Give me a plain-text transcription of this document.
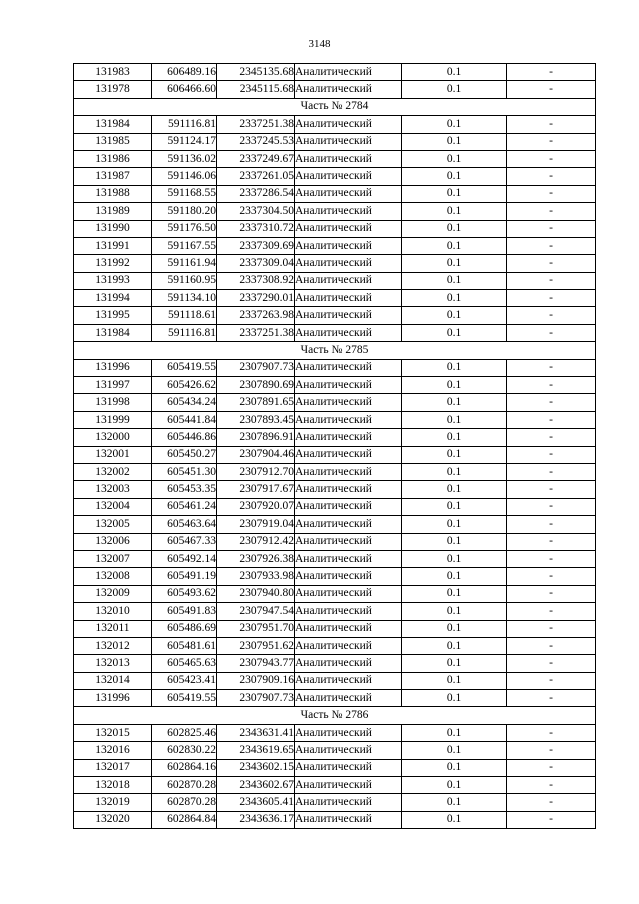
3148
131983	606489.16	2345135.68	Аналитический	0.1	-
131978	606466.60	2345115.68	Аналитический	0.1	-
Часть № 2784					
131984	591116.81	2337251.38	Аналитический	0.1	-
131985	591124.17	2337245.53	Аналитический	0.1	-
131986	591136.02	2337249.67	Аналитический	0.1	-
131987	591146.06	2337261.05	Аналитический	0.1	-
131988	591168.55	2337286.54	Аналитический	0.1	-
131989	591180.20	2337304.50	Аналитический	0.1	-
131990	591176.50	2337310.72	Аналитический	0.1	-
131991	591167.55	2337309.69	Аналитический	0.1	-
131992	591161.94	2337309.04	Аналитический	0.1	-
131993	591160.95	2337308.92	Аналитический	0.1	-
131994	591134.10	2337290.01	Аналитический	0.1	-
131995	591118.61	2337263.98	Аналитический	0.1	-
131984	591116.81	2337251.38	Аналитический	0.1	-
Часть № 2785					
131996	605419.55	2307907.73	Аналитический	0.1	-
131997	605426.62	2307890.69	Аналитический	0.1	-
131998	605434.24	2307891.65	Аналитический	0.1	-
131999	605441.84	2307893.45	Аналитический	0.1	-
132000	605446.86	2307896.91	Аналитический	0.1	-
132001	605450.27	2307904.46	Аналитический	0.1	-
132002	605451.30	2307912.70	Аналитический	0.1	-
132003	605453.35	2307917.67	Аналитический	0.1	-
132004	605461.24	2307920.07	Аналитический	0.1	-
132005	605463.64	2307919.04	Аналитический	0.1	-
132006	605467.33	2307912.42	Аналитический	0.1	-
132007	605492.14	2307926.38	Аналитический	0.1	-
132008	605491.19	2307933.98	Аналитический	0.1	-
132009	605493.62	2307940.80	Аналитический	0.1	-
132010	605491.83	2307947.54	Аналитический	0.1	-
132011	605486.69	2307951.70	Аналитический	0.1	-
132012	605481.61	2307951.62	Аналитический	0.1	-
132013	605465.63	2307943.77	Аналитический	0.1	-
132014	605423.41	2307909.16	Аналитический	0.1	-
131996	605419.55	2307907.73	Аналитический	0.1	-
Часть № 2786					
132015	602825.46	2343631.41	Аналитический	0.1	-
132016	602830.22	2343619.65	Аналитический	0.1	-
132017	602864.16	2343602.15	Аналитический	0.1	-
132018	602870.28	2343602.67	Аналитический	0.1	-
132019	602870.28	2343605.41	Аналитический	0.1	-
132020	602864.84	2343636.17	Аналитический	0.1	-
